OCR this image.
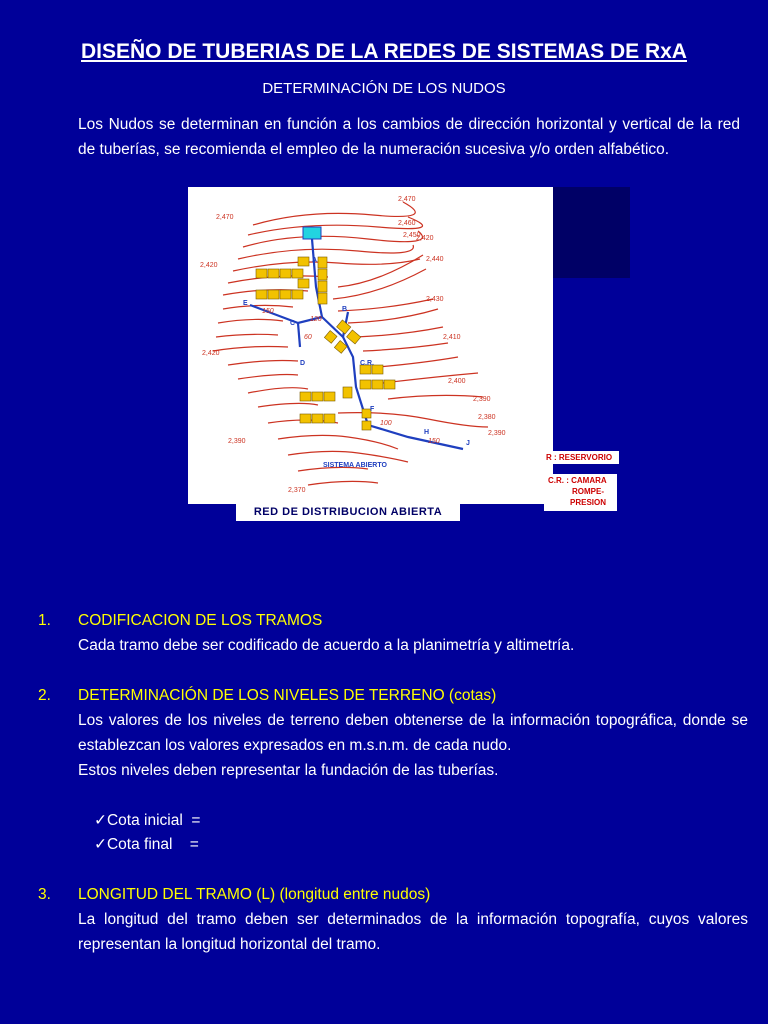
DISEÑO DE TUBERIAS DE LA REDES DE SISTEMAS DE RxA
DETERMINACIÓN DE LOS NUDOS
Los Nudos se determinan en función a los cambios de dirección horizontal y vertical de la red de tuberías, se recomienda el empleo de la numeración sucesiva y/o orden alfabético.
2,470
2,470
2,460
2,450
2,440
2,430
2,420
2,420
2,420
2,410
2,400
2,390
2,380
2,390
2,370
2,390
A
B
C
D
E
F
H
J
C.R.
150
120
60
100
150
SISTEMA ABIERTO
RED DE DISTRIBUCION ABIERTA
R : RESERVORIO
C.R. : CAMARA
ROMPE-
PRESION
1. CODIFICACION DE LOS TRAMOS
Cada tramo debe ser codificado de acuerdo a la planimetría y altimetría.
2. DETERMINACIÓN DE LOS NIVELES DE TERRENO (cotas)
Los valores de los niveles de terreno deben obtenerse de la información topográfica, donde se establezcan los valores expresados en m.s.n.m. de cada nudo.
Estos niveles deben representar la fundación de las tuberías.
✓Cota inicial  =
✓Cota final    =
3. LONGITUD DEL TRAMO (L) (longitud entre nudos)
La longitud del tramo deben ser determinados de la información topografía, cuyos valores representan la longitud horizontal del tramo.
